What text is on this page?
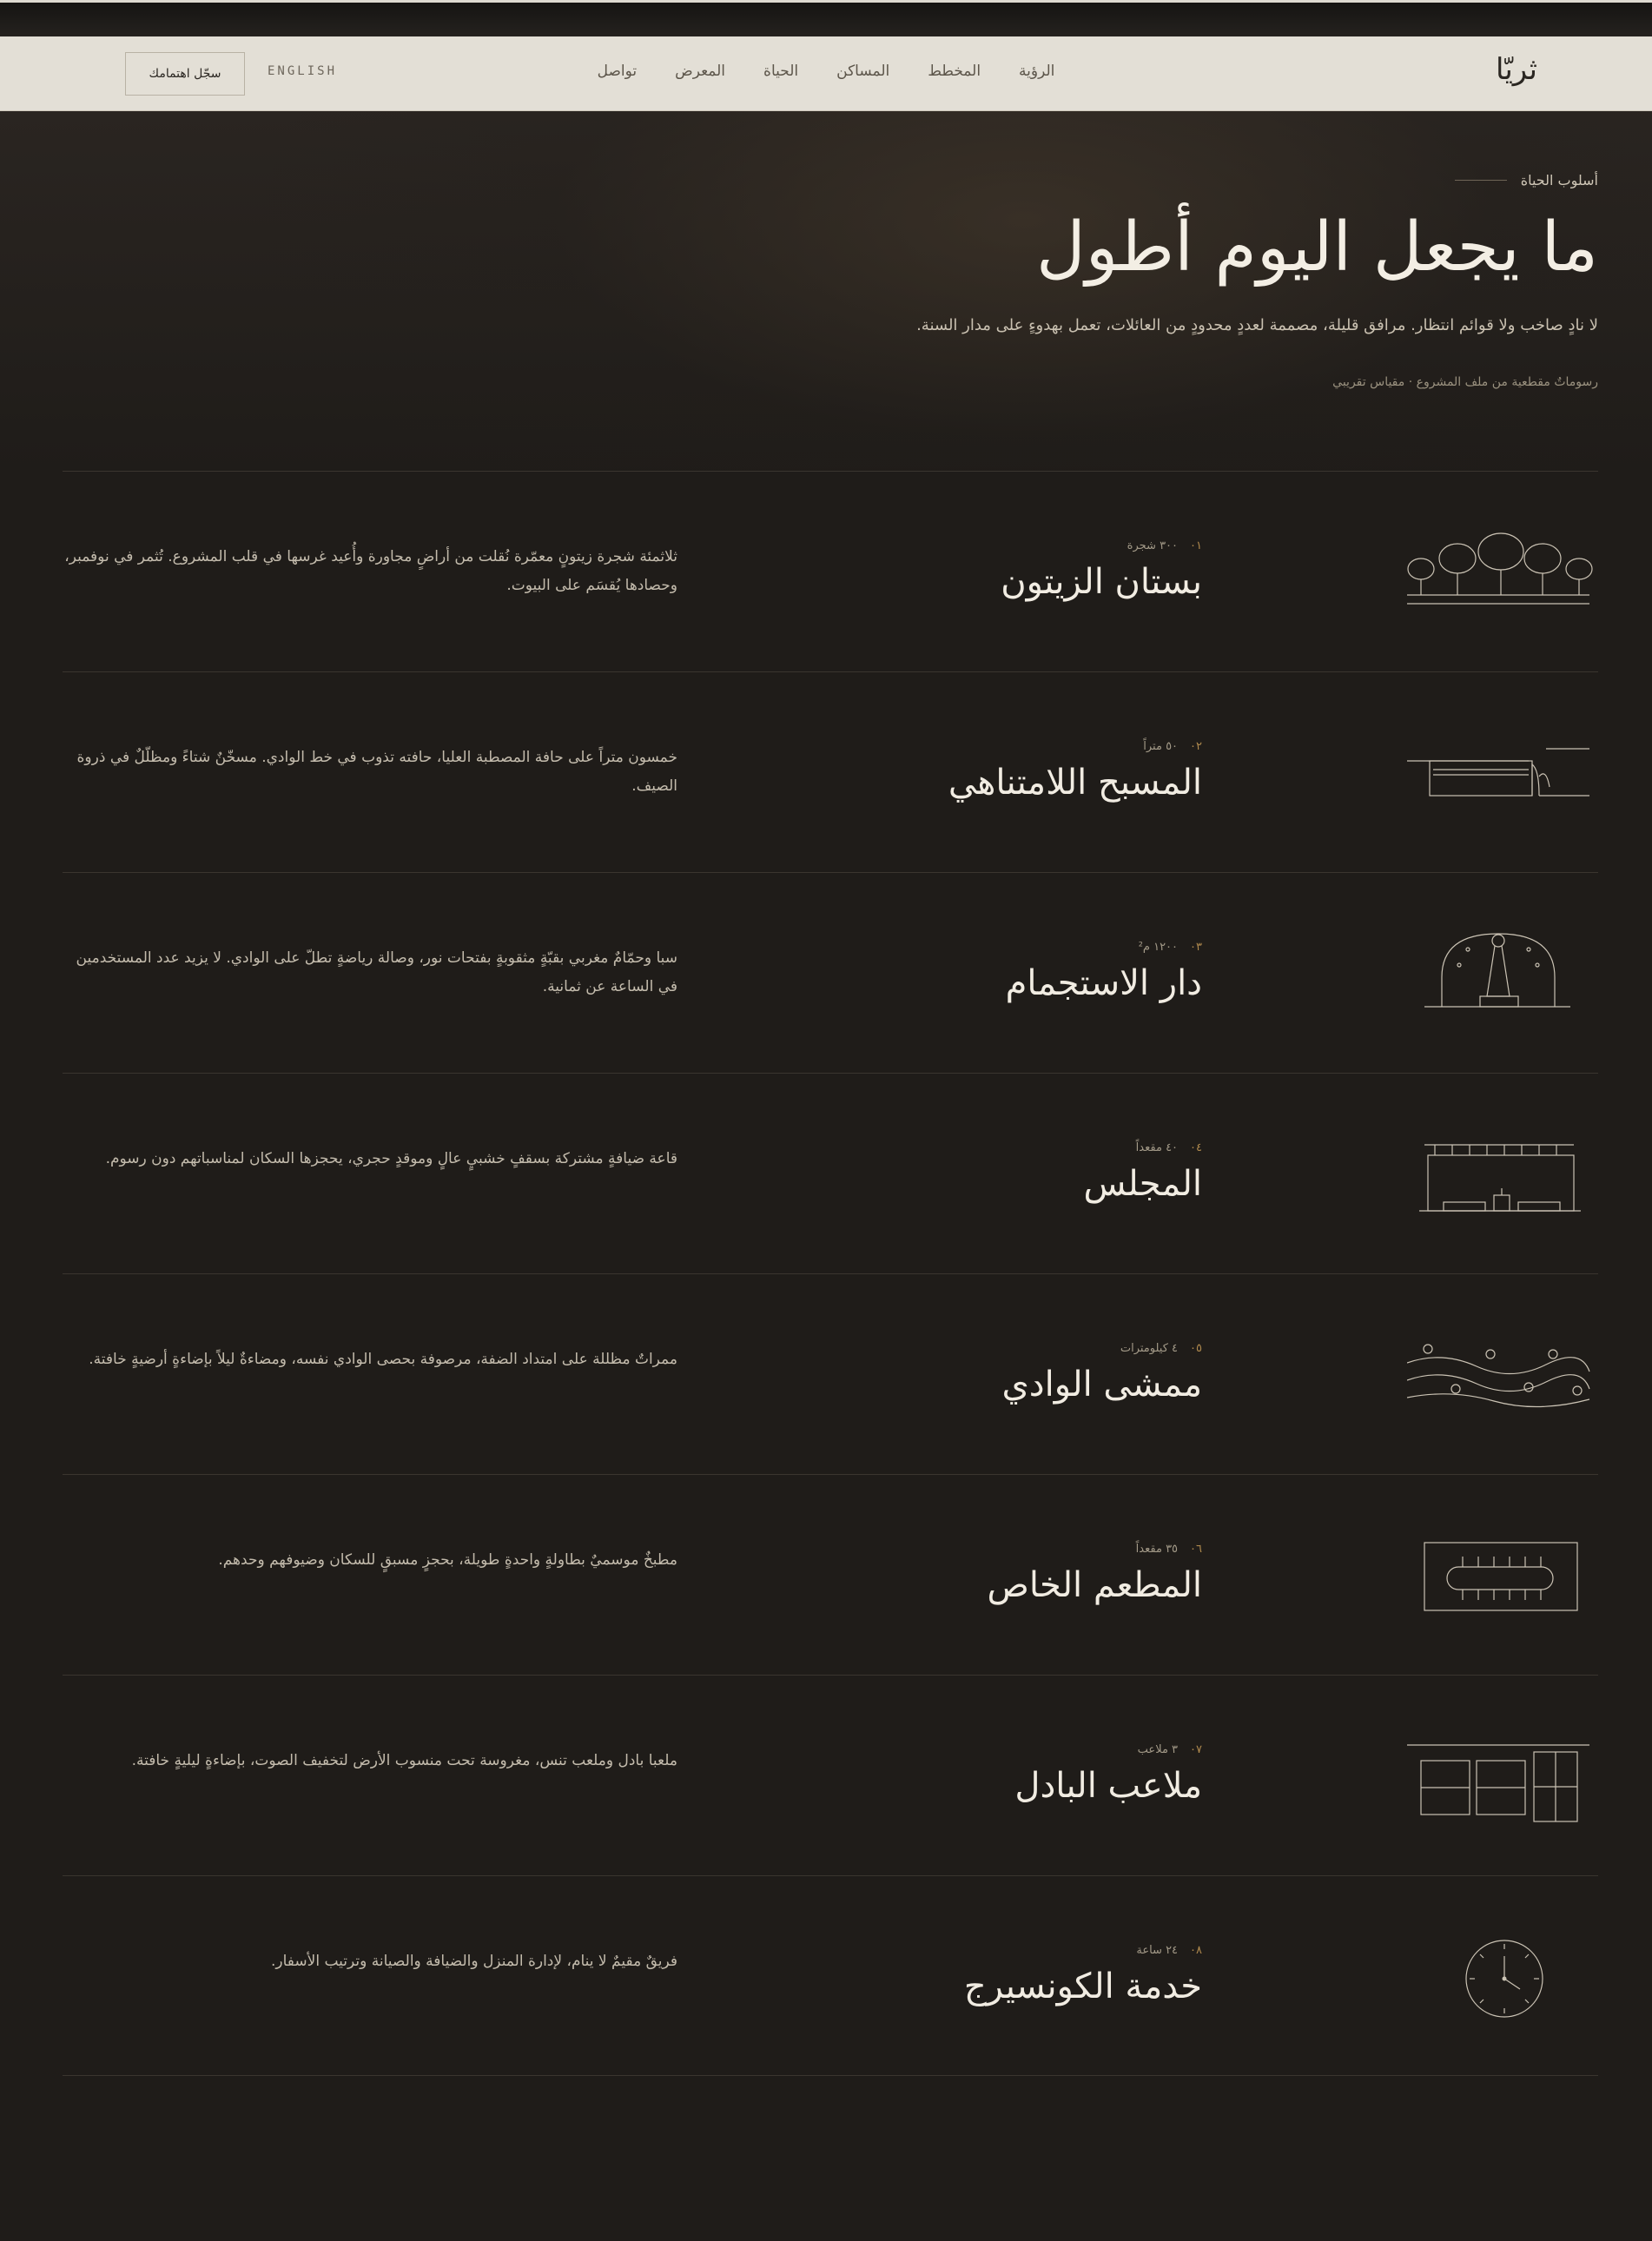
ثريّا
الرؤية
المخطط
المساكن
الحياة
المعرض
تواصل
ENGLISH
سجّل اهتمامك
أسلوب الحياة
ما يجعل اليوم أطول

لا نادٍ صاخب ولا قوائم انتظار. مرافق قليلة، مصممة لعددٍ محدودٍ من العائلات، تعمل بهدوءٍ على مدار السنة.

رسوماتٌ مقطعية من ملف المشروع · مقياس تقريبي

٠١
٣٠٠ شجرة
بستان الزيتون

ثلاثمئة شجرة زيتونٍ معمّرة نُقلت من أراضٍ مجاورة وأُعيد غرسها في قلب المشروع. تُثمر في نوفمبر، وحصادها يُقسَم على البيوت.

٠٢
٥٠ متراً
المسبح اللامتناهي

خمسون متراً على حافة المصطبة العليا، حافته تذوب في خط الوادي. مسخّنٌ شتاءً ومظلّلٌ في ذروة الصيف.

٠٣
١٢٠٠ م²
دار الاستجمام

سبا وحمّامٌ مغربي بقبّةٍ مثقوبةٍ بفتحات نور، وصالة رياضةٍ تطلّ على الوادي. لا يزيد عدد المستخدمين في الساعة عن ثمانية.

٠٤
٤٠ مقعداً
المجلس

قاعة ضيافةٍ مشتركة بسقفٍ خشبيٍ عالٍ وموقدٍ حجري، يحجزها السكان لمناسباتهم دون رسوم.

٠٥
٤ كيلومترات
ممشى الوادي

ممراتٌ مظللة على امتداد الضفة، مرصوفة بحصى الوادي نفسه، ومضاءةٌ ليلاً بإضاءةٍ أرضيةٍ خافتة.

٠٦
٣٥ مقعداً
المطعم الخاص

مطبخٌ موسميٌ بطاولةٍ واحدةٍ طويلة، بحجزٍ مسبقٍ للسكان وضيوفهم وحدهم.

٠٧
٣ ملاعب
ملاعب البادل

ملعبا بادل وملعب تنس، مغروسة تحت منسوب الأرض لتخفيف الصوت، بإضاءةٍ ليليةٍ خافتة.

٠٨
٢٤ ساعة
خدمة الكونسيرج

فريقٌ مقيمٌ لا ينام، لإدارة المنزل والضيافة والصيانة وترتيب الأسفار.
